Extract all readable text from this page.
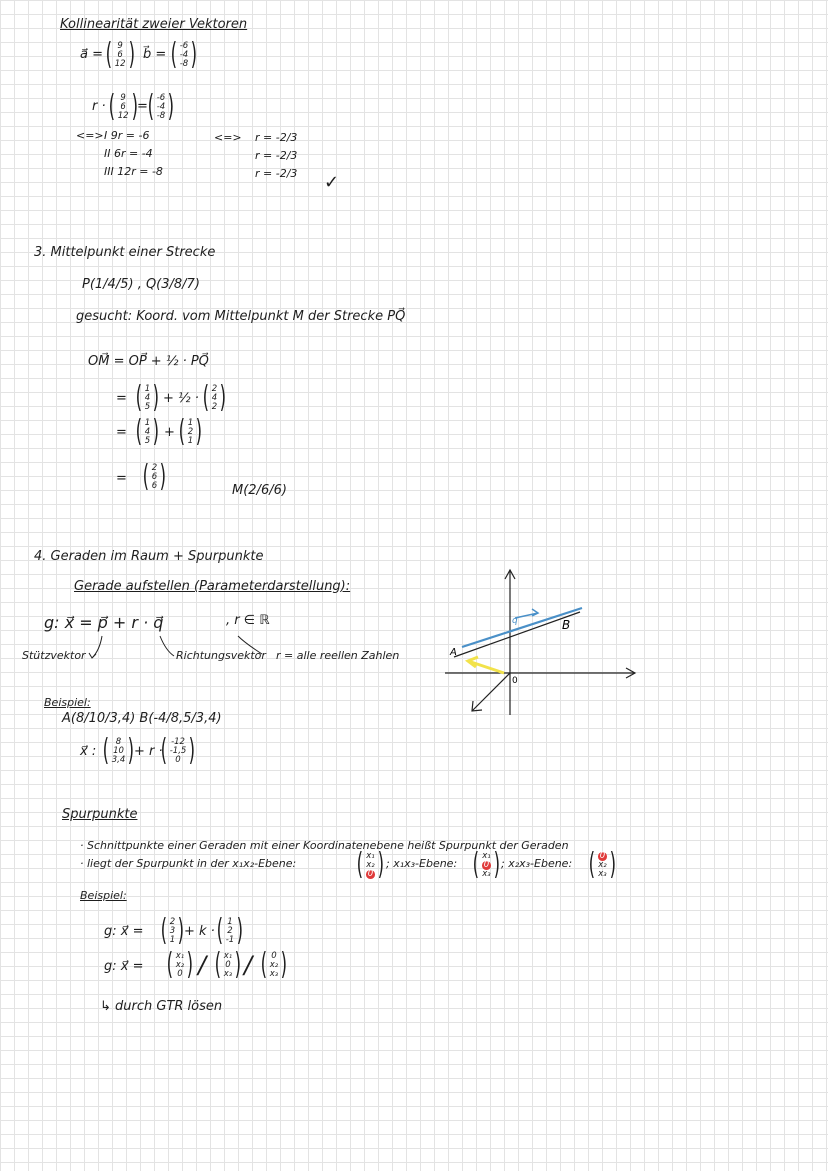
Kollinearität zweier Vektoren
a⃗ = ( 9
6
12 ) b⃗ = ( -6
-4
-8 )
r · ( 9
6
12 ) = ( -6
-4
-8 )
<=> I 9r = -6
II 6r = -4
III 12r = -8
<=> r = -2/3
r = -2/3
r = -2/3 ✓
3. Mittelpunkt einer Strecke
P(1/4/5) , Q(3/8/7)
gesucht: Koord. vom Mittelpunkt M der Strecke PQ⃗
OM⃗ = OP⃗ + ½ · PQ⃗
= ( 1
4
5 ) + ½ · ( 2
4
2 )
= ( 1
4
5 ) + ( 1
2
1 )
= ( 2
6
6 )	M(2/6/6)
4. Geraden im Raum + Spurpunkte
Gerade aufstellen (Parameterdarstellung):
g: x⃗ = p⃗ + r · q⃗	, r ∈ ℝ
Stützvektor	Richtungsvektor r = alle reellen Zahlen	A
B
q
0
Beispiel:
A(8/10/3,4) B(-4/8,5/3,4)
x⃗ : ( 8
10
3,4 ) + r ·
( -12
-1,5
0 )
Spurpunkte
· Schnittpunkte einer Geraden mit einer Koordinatenebene heißt Spurpunkt der Geraden
· liegt der Spurpunkt in der x₁x₂-Ebene: ( x₁
x₂
0 ) ; x₁x₃-Ebene: ( x₁
0
x₃ ) ; x₂x₃-Ebene: ( 0
x₂
x₃ )
Beispiel:
g: x⃗ = ( 2
3
1 ) + k · ( 1
2
-1 )
g: x⃗ = ( x₁
x₂
0 ) / ( x₁
0
x₃ ) / ( 0
x₂
x₃ )
↳ durch GTR lösen
